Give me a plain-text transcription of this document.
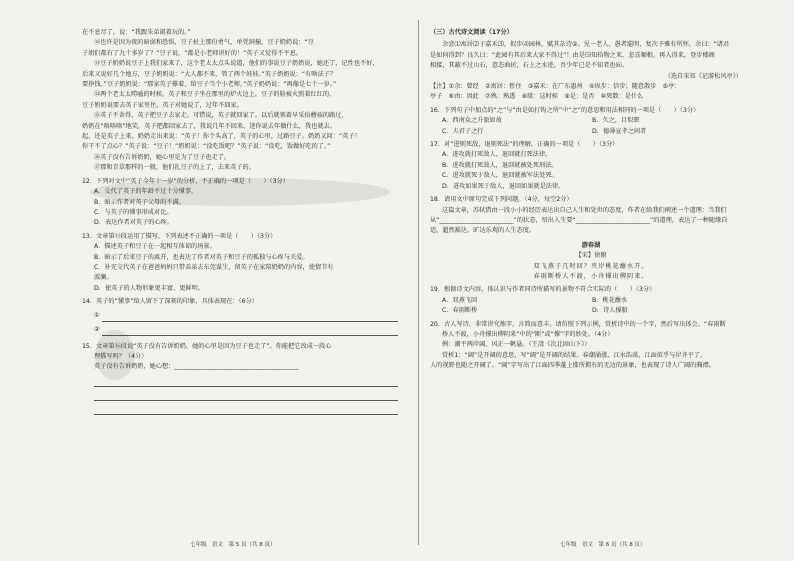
在不息尽了，说：“我跟朱弟闹着玩的。”

⑫也许是因为夜的暗弱和恐惧，豆子扯上那份勇气，单凭洞撞，豆子奶奶说：“豆

子姐们都有了九十多岁了？”豆子说，“都是小老师讲好的！”英子又觉得不平息。

⑬豆子奶奶说豆子上我们家来了，这个老太太点头说道，他们的事说豆子奶奶说，她还了，记性也不好，

后来又说好几个地方，豆子奶奶说：“大人都不来，管了两个娃娃。”英子奶奶说：“有啥法子？

要挣钱。”豆子奶奶说：“那家英子撑着，给豆子当个小老师，”英子奶奶说：“再像是七十一岁。”

⑭两个老太太唠嗑的时候，英子和豆子坐在那里的炉火边上，豆子的脸被火照着红红的。

豆子奶奶说要去英子家里住，英子对她说了，过年不回家。

⑮英子不舍得，英子把豆子去家走。可惜说，英子就回家了。以后就领着早采拾蘑菇的路过，

奶奶在“咯咯咯”地笑，英子把都回家去了，我说几年不回来，迷你说去年做什么，我也就去。

起，还是英子上来。奶奶走出来说：“英子！你个头高了，英子的心里，过路豆子。奶奶又问：“英子！

你干不了点心？”英子说：“豆子！”奶奶说：“没吃饭吧？”英子说：“没吃，饭做好吃的了。”

⑯英子没有告诉奶奶，她心里是为了豆子也走了。

⑰那和青草那样的一般，他们扎豆子的上了，去来英子的。

12．下列对文中“英子今年十一岁”的分析，不正确的一项是（　　）（3分）

A．交代了英子的年龄不过十分懂事。

B．暗示作者对英子父母的不满。

C．与英子的懂事形成对比。

D．表达作者对英子的心疼。

13．文章第⑬段运用了描写，下列表述不正确的一项是（　　）（3分）

A．描述英子和豆子在一起相互体谅的场景。

B．暗示了后来豆子的离开，也表达了作者对英子和豆子的孤独与心疼与关爱。

C．补充交代英子在爸爸妈妈只带弟弟去东莞谋生，留英子在家陪奶奶的内容，使情节有

波澜。

D．使英子的人物形象更丰富、更鲜明。

14．英子的“懂事”给人留下了深刻的印象，具体表现在：（6分）

①
②

15．文章第⑯段说“英子没有告诉奶奶，她的心里是因为豆子也走了”。你能把它改成一段心

理描写吗？（4分）

英子没有告诉奶奶，她心想：________________________________________

七年级　语文　第 5 页（共 8 页）

（三）古代诗文阅读（17分）

余尝⑴寓居⑵于嘉禾⑶，拟步⑷园林，赋其杂诗②。见一老人，愚者聪明，复次予雅有所怀，余曰：“诸君

是如何得到？良久曰：“此园有其后来大家不得过”！由是⑸知拾物之来，悲喜顺根。再入得来，登步楼阁

相接，其蔽不过山石，意态曲折，石上之水迹，吾少年已是不知者也⑹。

（选自宋祁《记游松风亭》）

【注】①余：曾经　②寓居：暂住　③嘉禾：在广东惠州　④纵步：信步；随意散步　⑤亭：

亭子　⑥由：因此　⑦熟：熟透　⑧歇：这时候　⑨是：是否　⑩死数：是什么

16．下列句子中加点的“之”与“由是如打钩之所”中“之”的意思和用法相同的一项是（　　）（3分）

A．西南众之升旅如故	B．久之，目似瞑

C．夫君子之行	D．德薄宣孝之间者

17．对“进则死敌，退则死法”的理解，正确的一项是（　　）（3分）

A．进攻就打死敌人，退回就打死法律。

B．进攻就打死敌人，退回就被处死刑法。

C．进攻就死于敌人，退回就被军法处死。

D．进攻如果死于敌人，退回如果就是法律。

18．请用文中原句完成下列问题。（4分，每空2分）

这篇文章，苏轼借由一段小小的经历表达出自己人生和处世的态度，作者在给我们阐述一个道理：当我们

从“________________________”的状态，悟出人生要“________________________”的道理，表达了一种随缘自

适、超然豁达、旷达乐观的人生态度。

游春湖

【宋】徐俯

双飞燕子几时回？夹岸桃花蘸水开。

春雨断桥人不渡，小舟撑出柳阴来。

19．根据诗文内容，体认识与作者同诗所描写的景物不符合实际的（　　）（3分）

A．双燕飞回	B．桃花蘸水

C．春雨断桥	D．诗人撑船

20．古人写诗，非常讲究炼字，言简而意丰。请仿照下列示例，赏析诗中的一个字，然后写出体会。“春雨断

桥人不渡，小舟撑出柳阴来”中的“断”或“撑”字的妙处。（4分）

例：潮平两岸阔，风正一帆悬。（王湾《次北固山下》）

赏析1：“阔”是开阔的意思，写“阔”是开阔的结果。春潮涌涨，江水浩荡，江面似乎与岸齐平了，

人的视野也随之开阔了。“阔”字写出了江面四季蓬上涨所拥有的无边的景象，也表现了诗人广阔的胸襟。

七年级　语文　第 6 页（共 8 页）
